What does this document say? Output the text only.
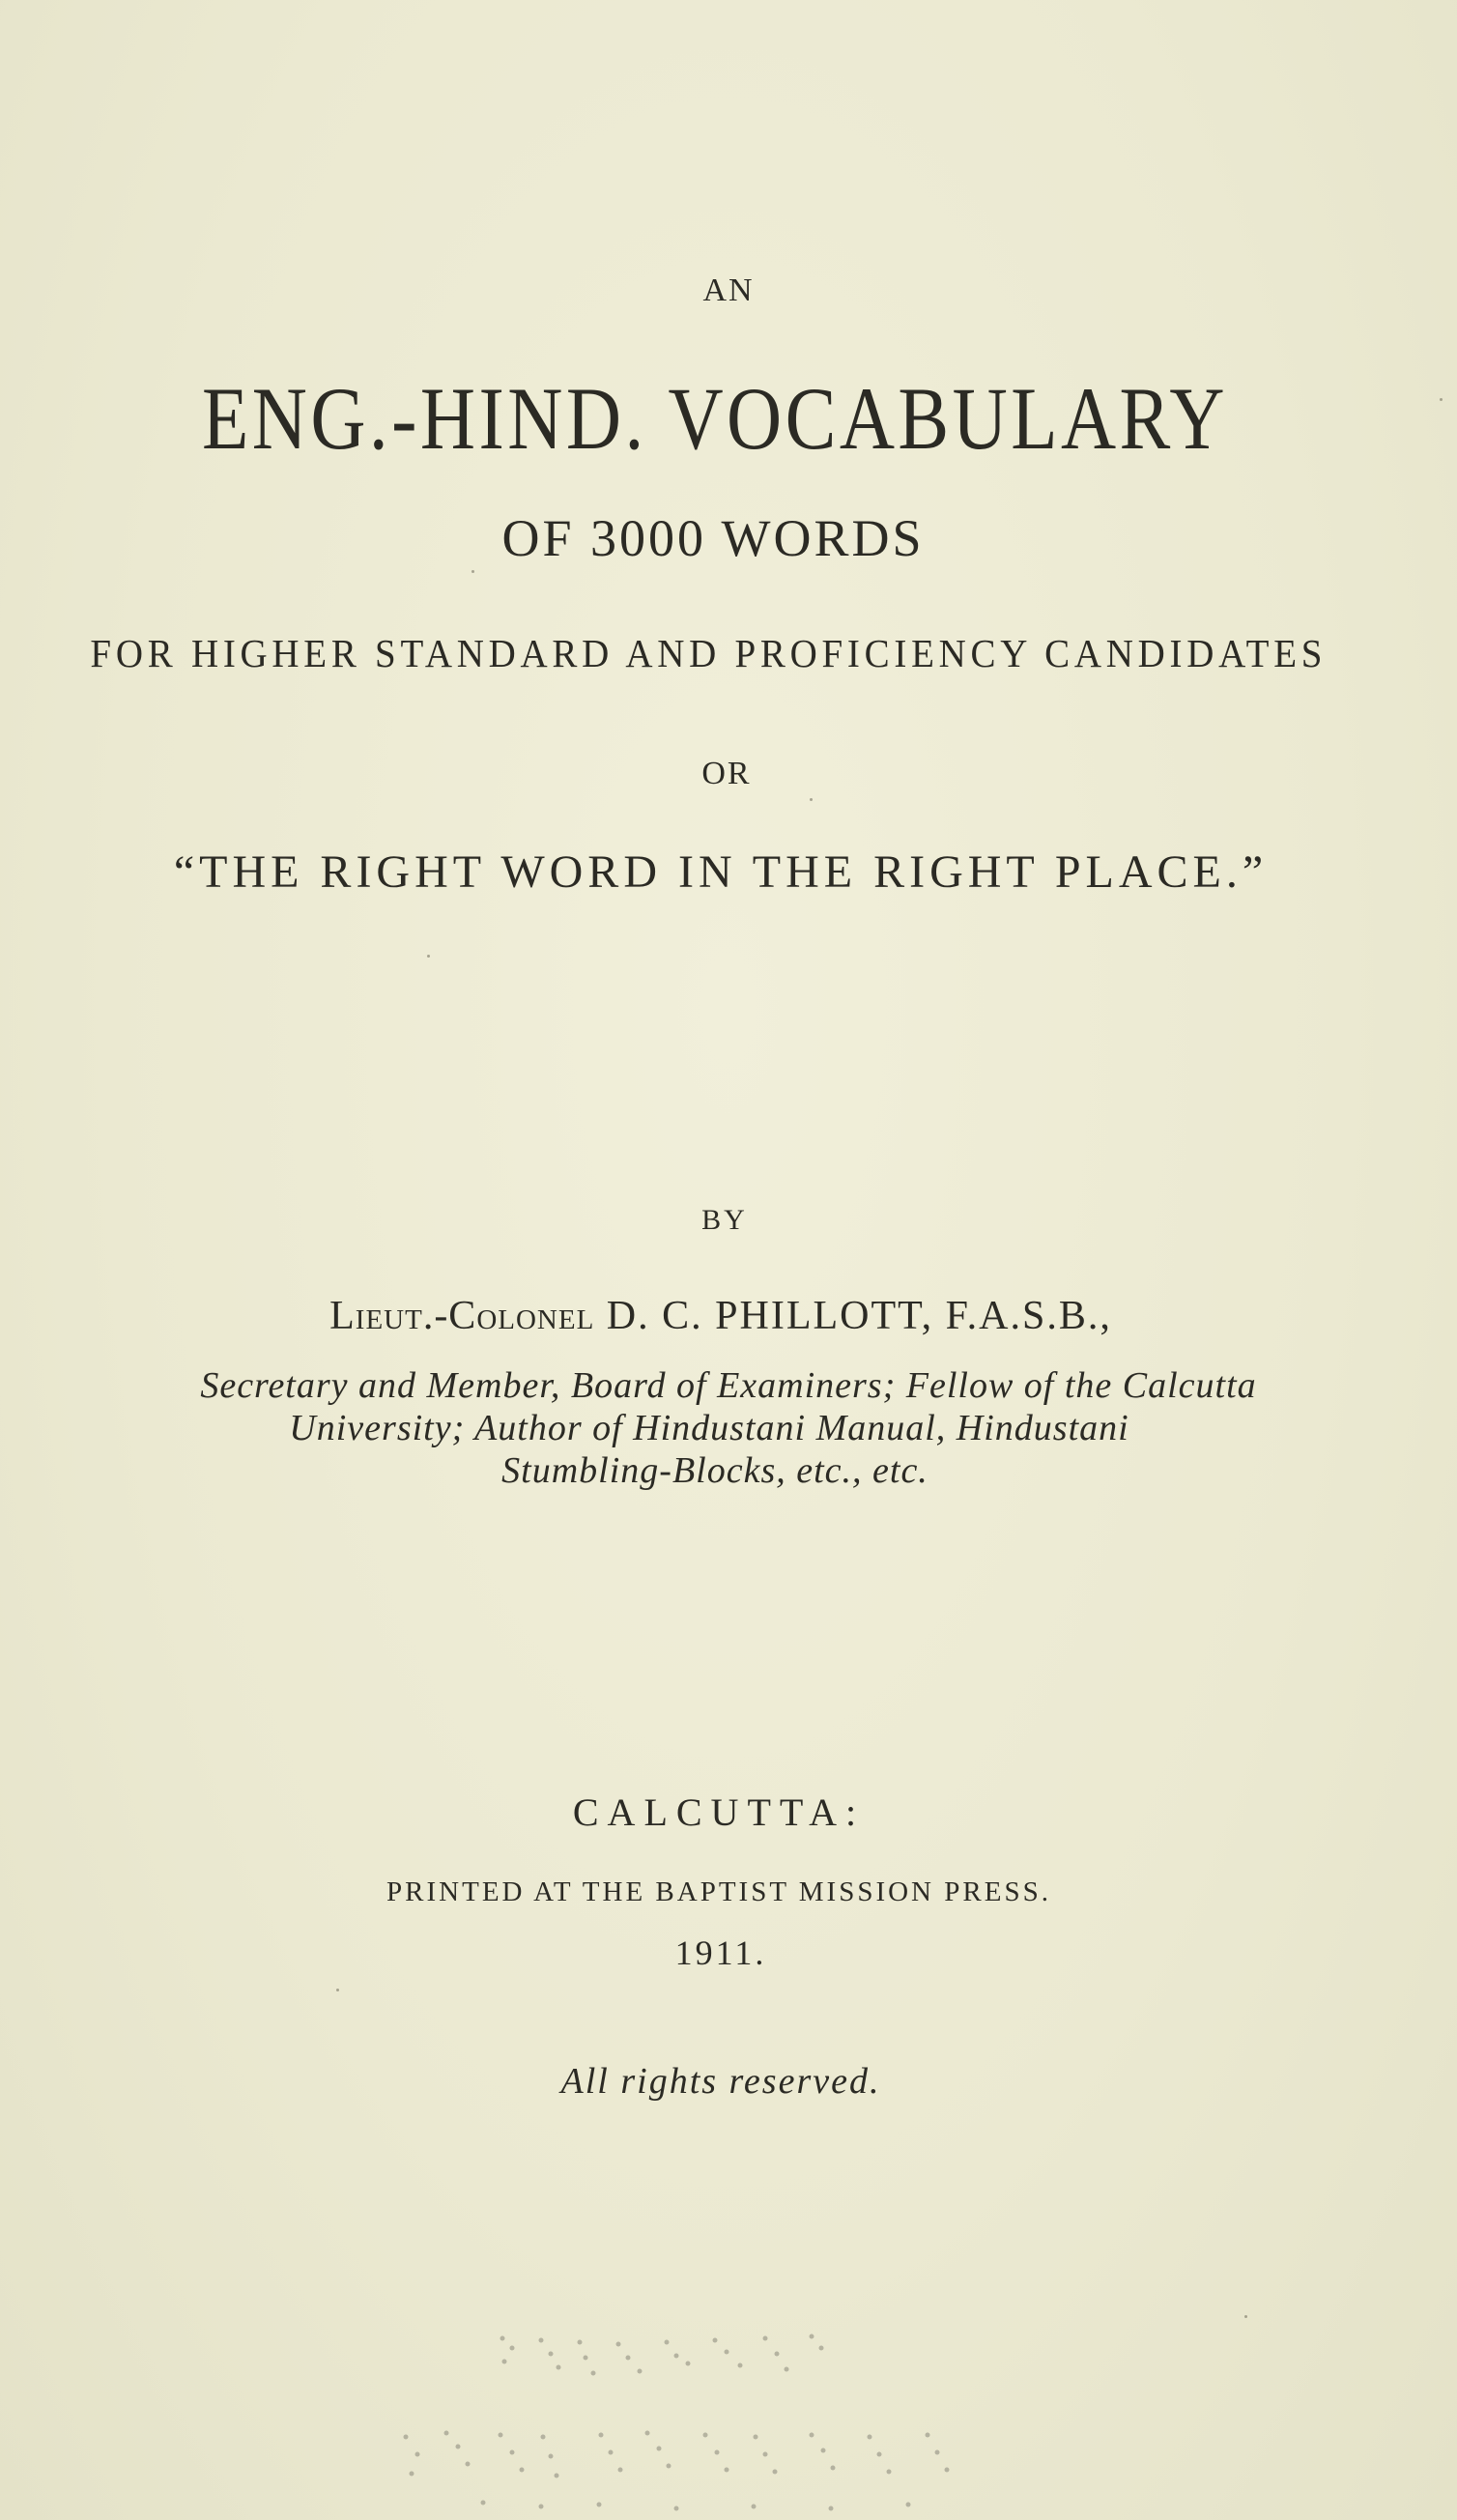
AN
ENG.-HIND. VOCABULARY
OF 3000 WORDS
FOR HIGHER STANDARD AND PROFICIENCY CANDIDATES
OR
“THE RIGHT WORD IN THE RIGHT PLACE.”
BY
Lieut.-Colonel D. C. PHILLOTT, F.A.S.B.,
Secretary and Member, Board of Examiners; Fellow of the Calcutta
University; Author of Hindustani Manual, Hindustani
Stumbling-Blocks, etc., etc.
CALCUTTA:
PRINTED AT THE BAPTIST MISSION PRESS.
1911.
All rights reserved.
